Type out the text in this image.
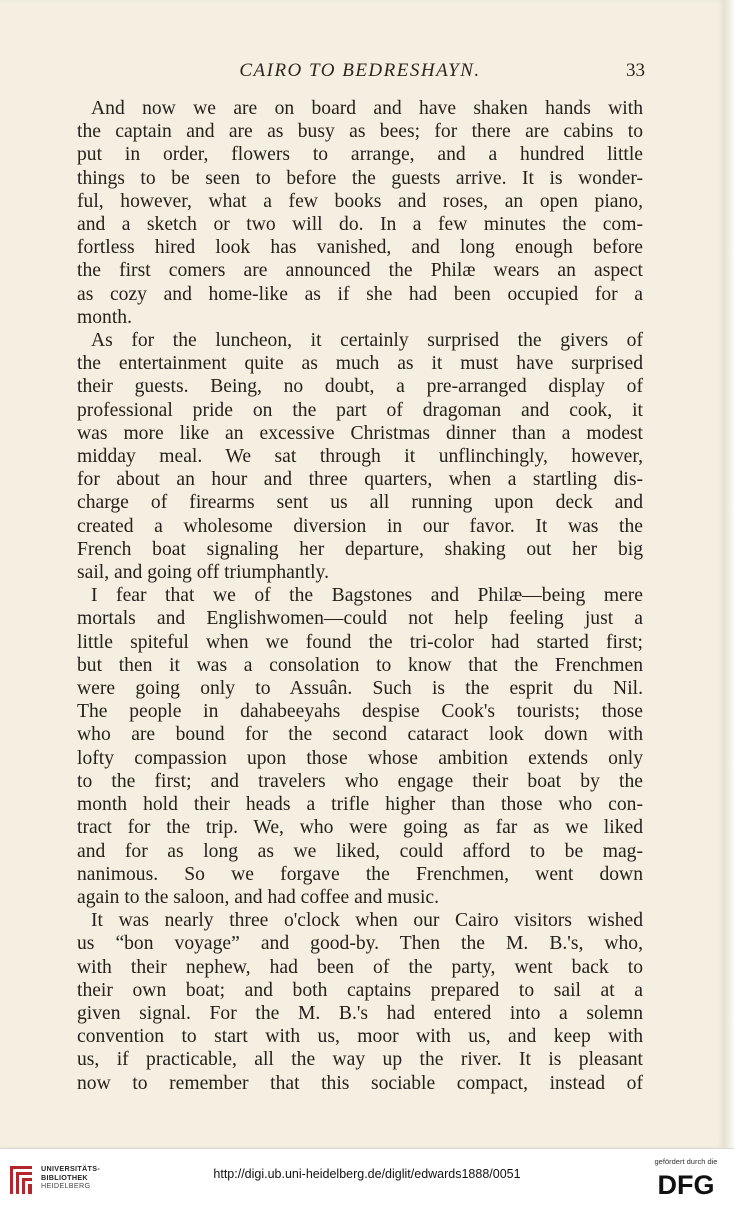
CAIRO TO BEDRESHAYN.	33
And now we are on board and have shaken hands with
the captain and are as busy as bees; for there are cabins to
put in order, flowers to arrange, and a hundred little
things to be seen to before the guests arrive. It is wonder-
ful, however, what a few books and roses, an open piano,
and a sketch or two will do. In a few minutes the com-
fortless hired look has vanished, and long enough before
the first comers are announced the Philæ wears an aspect
as cozy and home-like as if she had been occupied for a
month.
As for the luncheon, it certainly surprised the givers of
the entertainment quite as much as it must have surprised
their guests. Being, no doubt, a pre-arranged display of
professional pride on the part of dragoman and cook, it
was more like an excessive Christmas dinner than a modest
midday meal. We sat through it unflinchingly, however,
for about an hour and three quarters, when a startling dis-
charge of firearms sent us all running upon deck and
created a wholesome diversion in our favor. It was the
French boat signaling her departure, shaking out her big
sail, and going off triumphantly.
I fear that we of the Bagstones and Philæ—being mere
mortals and Englishwomen—could not help feeling just a
little spiteful when we found the tri-color had started first;
but then it was a consolation to know that the Frenchmen
were going only to Assuân. Such is the esprit du Nil.
The people in dahabeeyahs despise Cook's tourists; those
who are bound for the second cataract look down with
lofty compassion upon those whose ambition extends only
to the first; and travelers who engage their boat by the
month hold their heads a trifle higher than those who con-
tract for the trip. We, who were going as far as we liked
and for as long as we liked, could afford to be mag-
nanimous. So we forgave the Frenchmen, went down
again to the saloon, and had coffee and music.
It was nearly three o'clock when our Cairo visitors wished
us “bon voyage” and good-by. Then the M. B.'s, who,
with their nephew, had been of the party, went back to
their own boat; and both captains prepared to sail at a
given signal. For the M. B.'s had entered into a solemn
convention to start with us, moor with us, and keep with
us, if practicable, all the way up the river. It is pleasant
now to remember that this sociable compact, instead of
UNIVERSITÄTS-
BIBLIOTHEK
HEIDELBERG
http://digi.ub.uni-heidelberg.de/diglit/edwards1888/0051
gefördert durch die
DFG
